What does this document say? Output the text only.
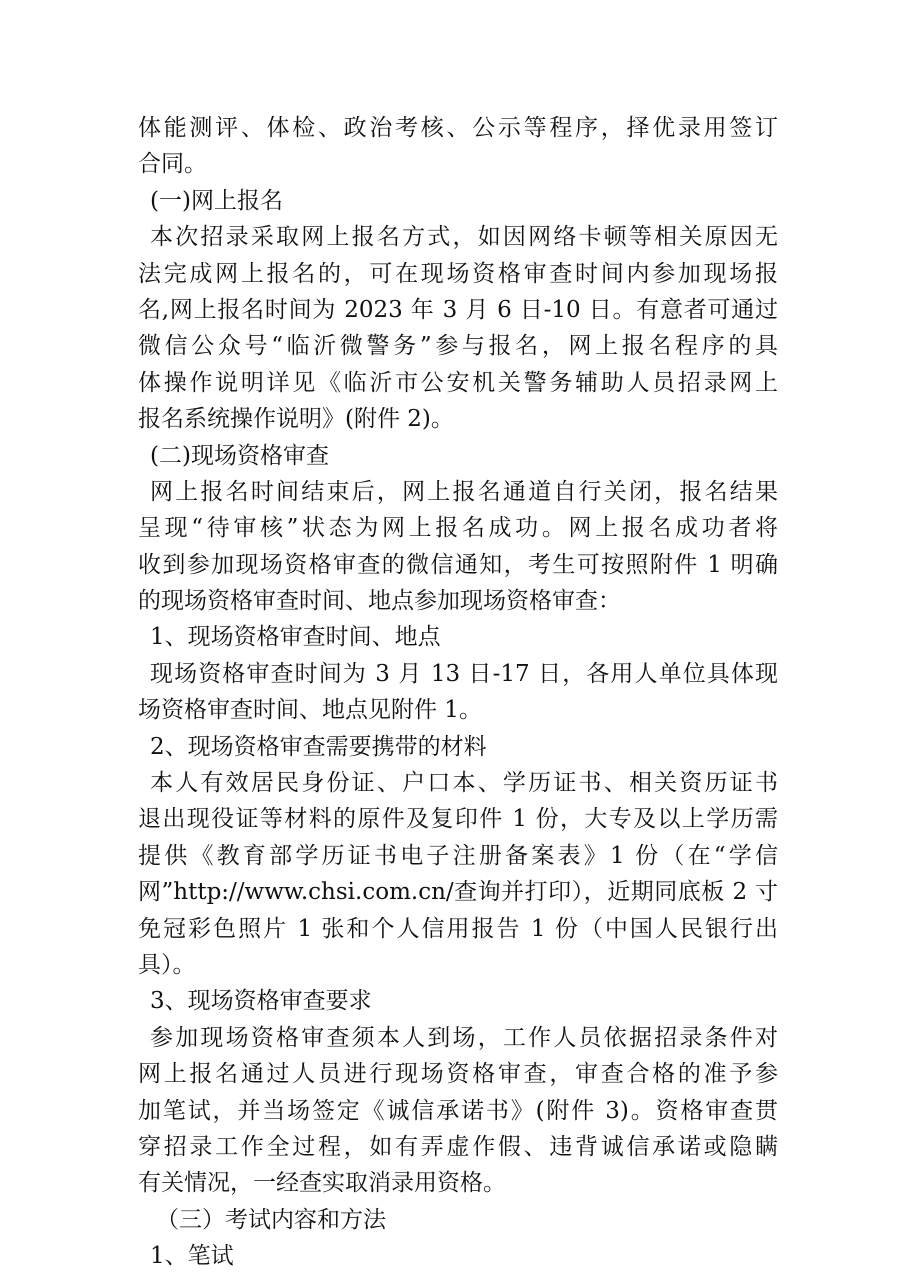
体能测评、体检、政治考核、公示等程序，择优录用签订
合同。
(一)网上报名
本次招录采取网上报名方式，如因网络卡顿等相关原因无
法完成网上报名的，可在现场资格审查时间内参加现场报
名,网上报名时间为 2023 年 3 月 6 日-10 日。有意者可通过
微信公众号“临沂微警务”参与报名，网上报名程序的具
体操作说明详见《临沂市公安机关警务辅助人员招录网上
报名系统操作说明》(附件 2)。
(二)现场资格审查
网上报名时间结束后，网上报名通道自行关闭，报名结果
呈现“待审核”状态为网上报名成功。网上报名成功者将
收到参加现场资格审查的微信通知，考生可按照附件 1 明确
的现场资格审查时间、地点参加现场资格审查：
1、现场资格审查时间、地点
现场资格审查时间为 3 月 13 日-17 日，各用人单位具体现
场资格审查时间、地点见附件 1。
2、现场资格审查需要携带的材料
本人有效居民身份证、户口本、学历证书、相关资历证书
退出现役证等材料的原件及复印件 1 份，大专及以上学历需
提供《教育部学历证书电子注册备案表》1 份（在“学信
网”http://www.chsi.com.cn/查询并打印），近期同底板 2 寸
免冠彩色照片 1 张和个人信用报告 1 份（中国人民银行出
具）。
3、现场资格审查要求
参加现场资格审查须本人到场，工作人员依据招录条件对
网上报名通过人员进行现场资格审查，审查合格的准予参
加笔试，并当场签定《诚信承诺书》(附件 3)。资格审查贯
穿招录工作全过程，如有弄虚作假、违背诚信承诺或隐瞒
有关情况，一经查实取消录用资格。
（三）考试内容和方法
1、笔试
